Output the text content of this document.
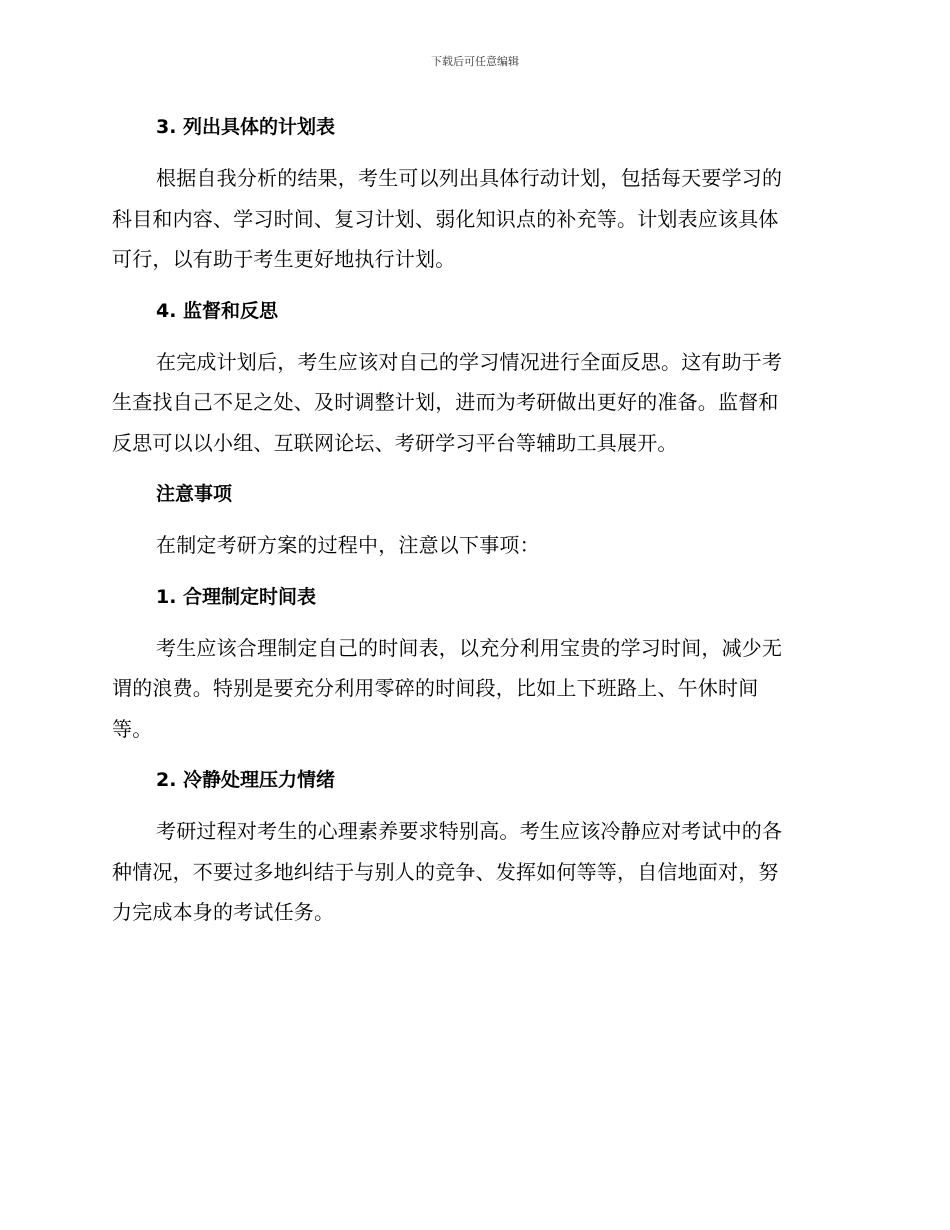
下载后可任意编辑
3. 列出具体的计划表

根据自我分析的结果，考生可以列出具体行动计划，包括每天要学习的
科目和内容、学习时间、复习计划、弱化知识点的补充等。计划表应该具体
可行，以有助于考生更好地执行计划。

4. 监督和反思

在完成计划后，考生应该对自己的学习情况进行全面反思。这有助于考
生查找自己不足之处、及时调整计划，进而为考研做出更好的准备。监督和
反思可以以小组、互联网论坛、考研学习平台等辅助工具展开。

注意事项

在制定考研方案的过程中，注意以下事项：

1. 合理制定时间表

考生应该合理制定自己的时间表，以充分利用宝贵的学习时间，减少无
谓的浪费。特别是要充分利用零碎的时间段，比如上下班路上、午休时间
等。

2. 冷静处理压力情绪

考研过程对考生的心理素养要求特别高。考生应该冷静应对考试中的各
种情况，不要过多地纠结于与别人的竞争、发挥如何等等，自信地面对，努
力完成本身的考试任务。
